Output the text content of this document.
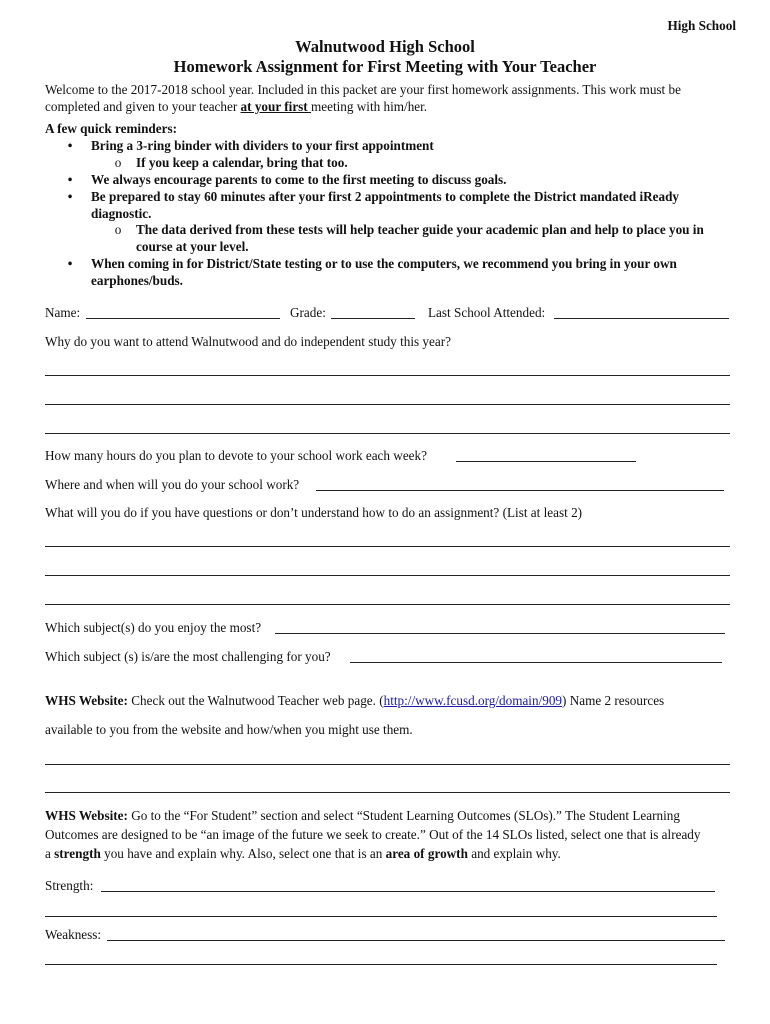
High School
Walnutwood High School
Homework Assignment for First Meeting with Your Teacher
Welcome to the 2017-2018 school year. Included in this packet are your first homework assignments. This work must be
completed and given to your teacher at your first meeting with him/her.
A few quick reminders:
•	Bring a 3-ring binder with dividers to your first appointment
o If you keep a calendar, bring that too.
•	We always encourage parents to come to the first meeting to discuss goals.
•	Be prepared to stay 60 minutes after your first 2 appointments to complete the District mandated iReady
diagnostic.
o The data derived from these tests will help teacher guide your academic plan and help to place you in
course at your level.
•	When coming in for District/State testing or to use the computers, we recommend you bring in your own
earphones/buds.
Name:	Grade:	Last School Attended:
Why do you want to attend Walnutwood and do independent study this year?
How many hours do you plan to devote to your school work each week?
Where and when will you do your school work?
What will you do if you have questions or don’t understand how to do an assignment? (List at least 2)
Which subject(s) do you enjoy the most?
Which subject (s) is/are the most challenging for you?
WHS Website: Check out the Walnutwood Teacher web page. (http://www.fcusd.org/domain/909) Name 2 resources
available to you from the website and how/when you might use them.
WHS Website: Go to the “For Student” section and select “Student Learning Outcomes (SLOs).” The Student Learning
Outcomes are designed to be “an image of the future we seek to create.” Out of the 14 SLOs listed, select one that is already
a strength you have and explain why. Also, select one that is an area of growth and explain why.
Strength:
Weakness:
